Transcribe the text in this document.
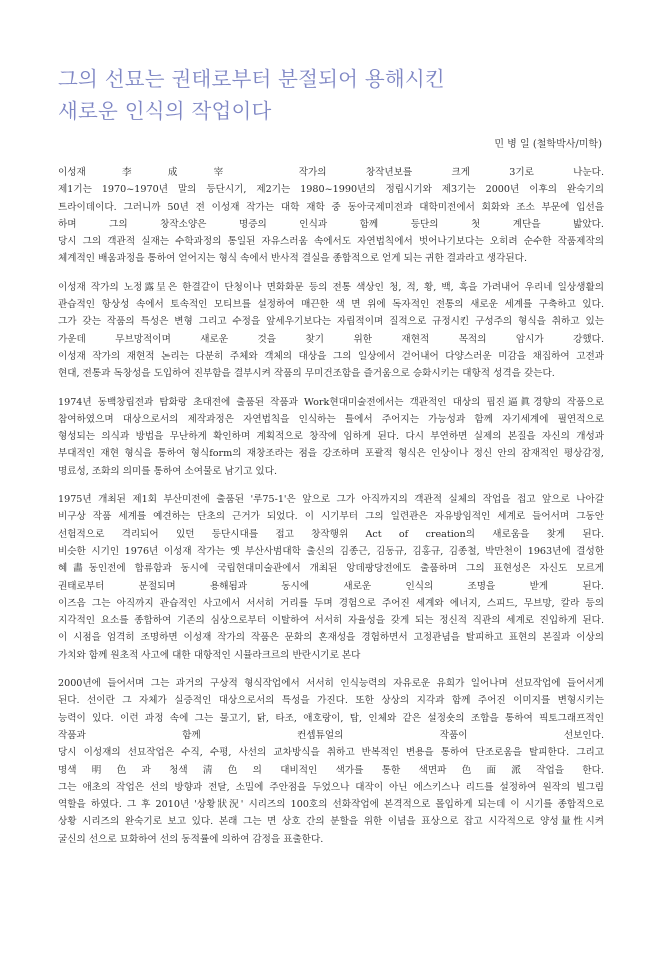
그의 선묘는 권태로부터 분절되어 용해시킨
새로운 인식의 작업이다
민 병 일 (철학박사/미학)
이성재李成宰 작가의 창작년보를 크게 3기로 나눈다.
제1기는 1970~1970년 말의 등단시기, 제2기는 1980~1990년의 정립시기와 제3기는 2000년 이후의 완숙기의
트라이데이다. 그러니까 50년 전 이성재 작가는 대학 재학 중 동아국제미전과 대학미전에서 회화와 조소 부문에 입선을
하며 그의 창작소양은 명증의 인식과 함께 등단의 첫 계단을 밟았다.
당시 그의 객관적 실재는 수학과정의 통일된 자유스러움 속에서도 자연법칙에서 벗어나기보다는 오히려 순수한 작품제작의
체계적인 배움과정을 통하여 얻어지는 형식 속에서 반사적 결실을 종합적으로 얻게 되는 귀한 결과라고 생각된다.
이성재 작가의 노정露呈은 한결같이 단청이나 면화화문 등의 전통 색상인 청, 적, 황, 백, 흑을 가려내어 우리네 일상생활의
관습적인 항상성 속에서 토속적인 모티브를 설정하여 매끈한 색 면 위에 독자적인 전통의 새로운 세계를 구축하고 있다.
그가 갖는 작품의 특성은 변형 그리고 수정을 앞세우기보다는 자립적이며 질적으로 규정시킨 구성주의 형식을 취하고 있는
가운데 무브망적이며 새로운 것을 찾기 위한 재현적 목적의 암시가 강했다.
이성재 작가의 재현적 논리는 다분히 주체와 객체의 대상을 그의 일상에서 걷어내어 다양스러운 미감을 채집하여 고전과
현대, 전통과 독창성을 도입하여 진부함을 결부시켜 작품의 무미건조함을 즐거움으로 승화시키는 대항적 성격을 갖는다.
1974년 동백창립전과 탐화랑 초대전에 출품된 작품과 Work현대미술전에서는 객관적인 대상의 핍진逼眞경향의 작품으로
참여하였으며 대상으로서의 제작과정은 자연법칙을 인식하는 틀에서 주어지는 가능성과 함께 자기세계에 필연적으로
형성되는 의식과 방법을 무난하게 확인하며 계획적으로 창작에 임하게 된다. 다시 부연하면 실제의 본질을 자신의 개성과
부대적인 재현 형식을 통하여 형식form의 재창조라는 점을 강조하며 포괄적 형식은 인상이나 정신 안의 잠재적인 평상감정,
명료성, 조화의 의미를 통하여 소여물로 남기고 있다.
1975년 개최된 제1회 부산미전에 출품된 '루75-1'은 앞으로 그가 아직까지의 객관적 실체의 작업을 접고 앞으로 나아갈
비구상 작품 세계를 예견하는 단초의 근거가 되었다. 이 시기부터 그의 일련관은 자유방임적인 세계로 들어서며 그동안
선험적으로 격리되어 있던 등단시대를 접고 창작행위 Act of creation의 새로움을 찾게 된다.
비슷한 시기인 1976년 이성재 작가는 옛 부산사범대학 출신의 김종근, 김동규, 김홍규, 김종철, 박만천이 1963년에 결성한
혜畵동인전에 합류함과 동시에 국립현대미술관에서 개최된 앙데팡당전에도 출품하며 그의 표현성은 자신도 모르게
권태로부터 분절되며 용해됨과 동시에 새로운 인식의 조명을 받게 된다.
이즈음 그는 아직까지 관습적인 사고에서 서서히 거리를 두며 경험으로 주어진 세계와 에너지, 스피드, 무브망, 칼라 등의
지각적인 요소를 종합하여 기존의 심상으로부터 이탈하여 서서히 자율성을 갖게 되는 정신적 직관의 세계로 진입하게 된다.
이 시점을 엄격히 조명하면 이성재 작가의 작품은 문화의 혼재성을 경험하면서 고정관념을 탈피하고 표현의 본질과 이상의
가치와 함께 원초적 사고에 대한 대항적인 시뮬라크르의 반란시기로 본다
2000년에 들어서며 그는 과거의 구상적 형식작업에서 서서히 인식능력의 자유로운 유희가 일어나며 선묘작업에 들어서게
된다. 선이란 그 자체가 실증적인 대상으로서의 특성을 가진다. 또한 상상의 지각과 함께 주어진 이미지를 변형시키는
능력이 있다. 이런 과정 속에 그는 물고기, 닭, 타조, 애호랑이, 탑, 인체와 같은 설정숏의 조합을 통하여 픽토그래프적인
작품과 함께 컨셉튜얼의 작품이 선보인다.
당시 이성재의 선묘작업은 수직, 수평, 사선의 교차방식을 취하고 반복적인 변용을 통하여 단조로움을 탈피한다. 그리고
명색明色과 청색淸色의 대비적인 색가를 통한 색면파色面派작업을 한다.
그는 애초의 작업은 선의 방향과 전달, 소밀에 주안점을 두었으나 대작이 아닌 에스키스나 리드를 설정하여 원작의 빌그림
역할을 하였다. 그 후 2010년 '상황狀況' 시리즈의 100호의 선화작업에 본격적으로 몰입하게 되는데 이 시기를 종합적으로
상황 시리즈의 완숙기로 보고 있다. 본래 그는 면 상호 간의 분할을 위한 이념을 표상으로 잡고 시각적으로 양성量性시켜
굴신의 선으로 묘화하여 선의 동적률에 의하여 감정을 표출한다.
